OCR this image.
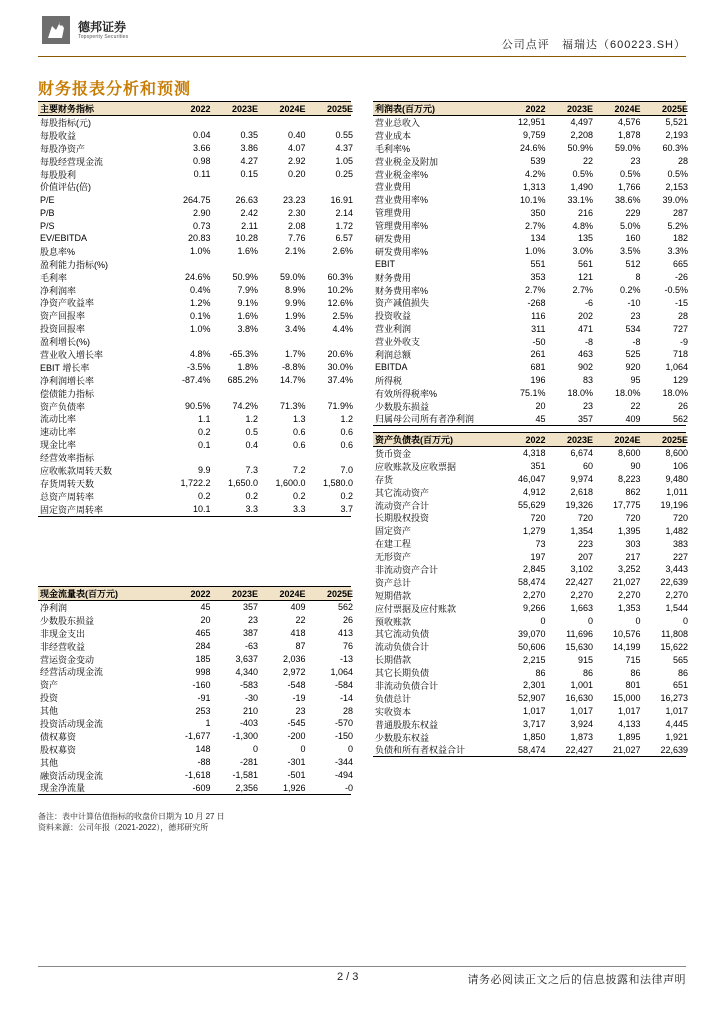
德邦证券
Topsperity Securities
公司点评 福瑞达（600223.SH）
财务报表分析和预测
主要财务指标	2022	2023E	2024E	2025E
每股指标(元)
每股收益	0.04	0.35	0.40	0.55
每股净资产	3.66	3.86	4.07	4.37
每股经营现金流	0.98	4.27	2.92	1.05
每股股利	0.11	0.15	0.20	0.25
价值评估(倍)
P/E	264.75	26.63	23.23	16.91
P/B	2.90	2.42	2.30	2.14
P/S	0.73	2.11	2.08	1.72
EV/EBITDA	20.83	10.28	7.76	6.57
股息率%	1.0%	1.6%	2.1%	2.6%
盈利能力指标(%)
毛利率	24.6%	50.9%	59.0%	60.3%
净利润率	0.4%	7.9%	8.9%	10.2%
净资产收益率	1.2%	9.1%	9.9%	12.6%
资产回报率	0.1%	1.6%	1.9%	2.5%
投资回报率	1.0%	3.8%	3.4%	4.4%
盈利增长(%)
营业收入增长率	4.8%	-65.3%	1.7%	20.6%
EBIT 增长率	-3.5%	1.8%	-8.8%	30.0%
净利润增长率	-87.4%	685.2%	14.7%	37.4%
偿债能力指标
资产负债率	90.5%	74.2%	71.3%	71.9%
流动比率	1.1	1.2	1.3	1.2
速动比率	0.2	0.5	0.6	0.6
现金比率	0.1	0.4	0.6	0.6
经营效率指标
应收帐款周转天数	9.9	7.3	7.2	7.0
存货周转天数	1,722.2	1,650.0	1,600.0	1,580.0
总资产周转率	0.2	0.2	0.2	0.2
固定资产周转率	10.1	3.3	3.3	3.7
利润表(百万元)	2022	2023E	2024E	2025E
营业总收入	12,951	4,497	4,576	5,521
营业成本	9,759	2,208	1,878	2,193
毛利率%	24.6%	50.9%	59.0%	60.3%
营业税金及附加	539	22	23	28
营业税金率%	4.2%	0.5%	0.5%	0.5%
营业费用	1,313	1,490	1,766	2,153
营业费用率%	10.1%	33.1%	38.6%	39.0%
管理费用	350	216	229	287
管理费用率%	2.7%	4.8%	5.0%	5.2%
研发费用	134	135	160	182
研发费用率%	1.0%	3.0%	3.5%	3.3%
EBIT	551	561	512	665
财务费用	353	121	8	-26
财务费用率%	2.7%	2.7%	0.2%	-0.5%
资产减值损失	-268	-6	-10	-15
投资收益	116	202	23	28
营业利润	311	471	534	727
营业外收支	-50	-8	-8	-9
利润总额	261	463	525	718
EBITDA	681	902	920	1,064
所得税	196	83	95	129
有效所得税率%	75.1%	18.0%	18.0%	18.0%
少数股东损益	20	23	22	26
归属母公司所有者净利润	45	357	409	562
资产负债表(百万元)	2022	2023E	2024E	2025E
货币资金	4,318	6,674	8,600	8,600
应收账款及应收票据	351	60	90	106
存货	46,047	9,974	8,223	9,480
其它流动资产	4,912	2,618	862	1,011
流动资产合计	55,629	19,326	17,775	19,196
长期股权投资	720	720	720	720
固定资产	1,279	1,354	1,395	1,482
在建工程	73	223	303	383
无形资产	197	207	217	227
非流动资产合计	2,845	3,102	3,252	3,443
资产总计	58,474	22,427	21,027	22,639
短期借款	2,270	2,270	2,270	2,270
应付票据及应付账款	9,266	1,663	1,353	1,544
预收账款	0	0	0	0
其它流动负债	39,070	11,696	10,576	11,808
流动负债合计	50,606	15,630	14,199	15,622
长期借款	2,215	915	715	565
其它长期负债	86	86	86	86
非流动负债合计	2,301	1,001	801	651
负债总计	52,907	16,630	15,000	16,273
实收资本	1,017	1,017	1,017	1,017
普通股股东权益	3,717	3,924	4,133	4,445
少数股东权益	1,850	1,873	1,895	1,921
负债和所有者权益合计	58,474	22,427	21,027	22,639
现金流量表(百万元)	2022	2023E	2024E	2025E
净利润	45	357	409	562
少数股东损益	20	23	22	26
非现金支出	465	387	418	413
非经营收益	284	-63	87	76
营运资金变动	185	3,637	2,036	-13
经营活动现金流	998	4,340	2,972	1,064
资产	-160	-583	-548	-584
投资	-91	-30	-19	-14
其他	253	210	23	28
投资活动现金流	1	-403	-545	-570
债权募资	-1,677	-1,300	-200	-150
股权募资	148	0	0	0
其他	-88	-281	-301	-344
融资活动现金流	-1,618	-1,581	-501	-494
现金净流量	-609	2,356	1,926	-0
备注：表中计算估值指标的收盘价日期为 10 月 27 日
资料来源：公司年报（2021-2022），德邦研究所
2 / 3	请务必阅读正文之后的信息披露和法律声明
